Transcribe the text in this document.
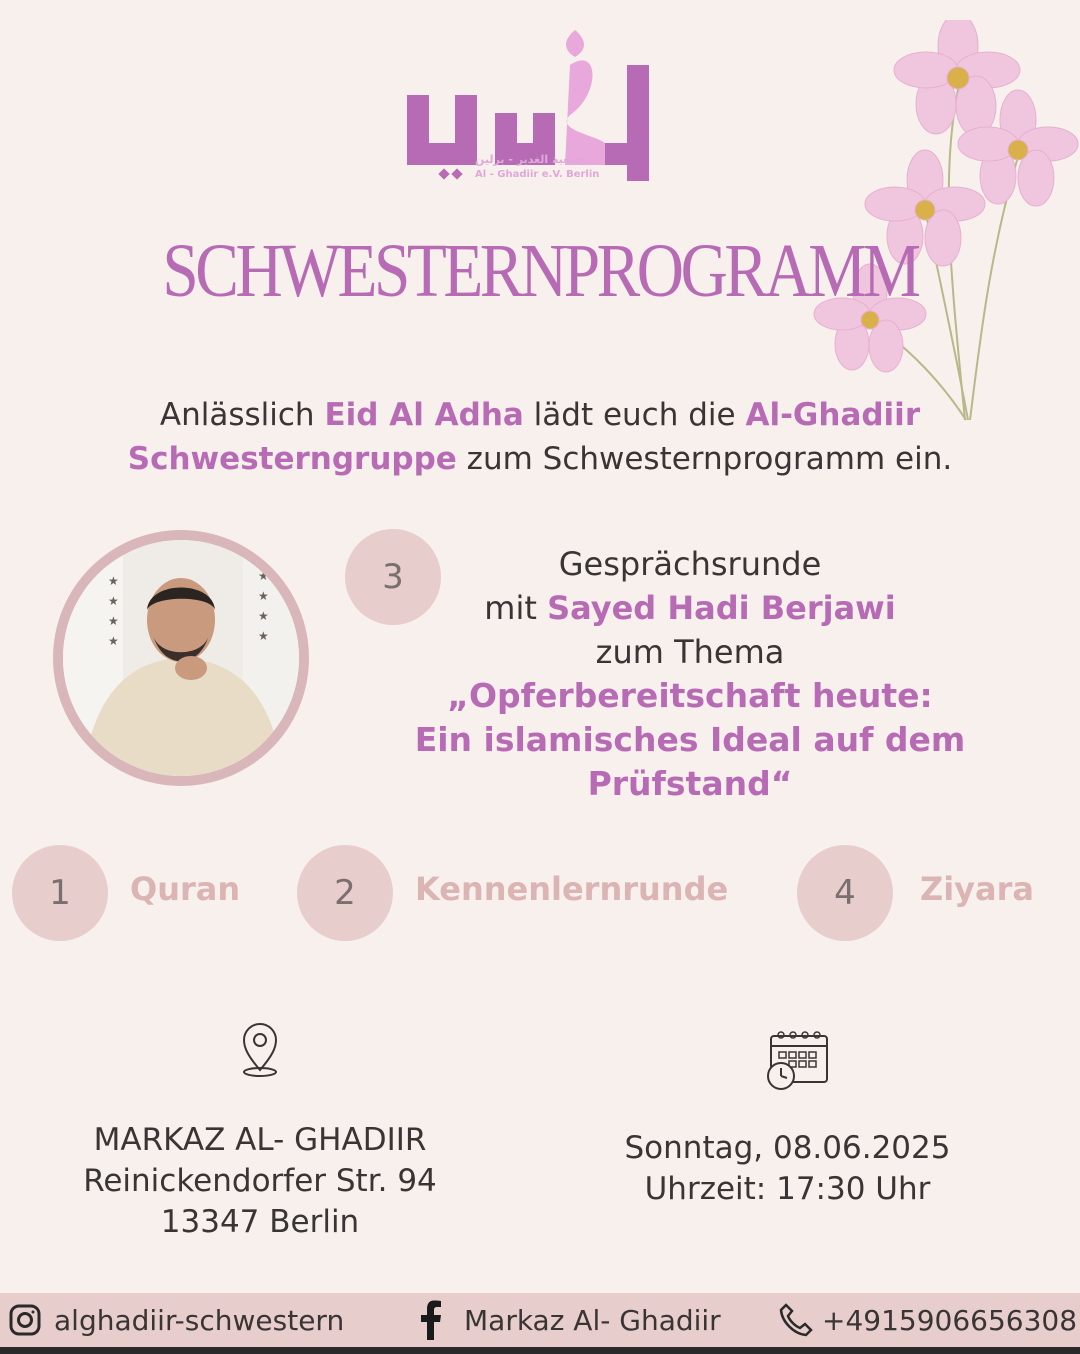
جمعية الغدير - برلين
Al - Ghadiir e.V. Berlin
SCHWESTERNPROGRAMM
Anlässlich Eid Al Adha lädt euch die Al-Ghadiir Schwesterngruppe zum Schwesternprogramm ein.
★
★
★
★
★
★
★
★
3	Gesprächsrunde
mit Sayed Hadi Berjawi
zum Thema
„Opferbereitschaft heute:
Ein islamisches Ideal auf dem
Prüfstand“
1	Quran	2	Kennenlernrunde	4	Ziyara
MARKAZ AL- GHADIIR
Reinickendorfer Str. 94
13347 Berlin
Sonntag, 08.06.2025
Uhrzeit: 17:30 Uhr
alghadiir-schwestern	Markaz Al- Ghadiir	+4915906656308
